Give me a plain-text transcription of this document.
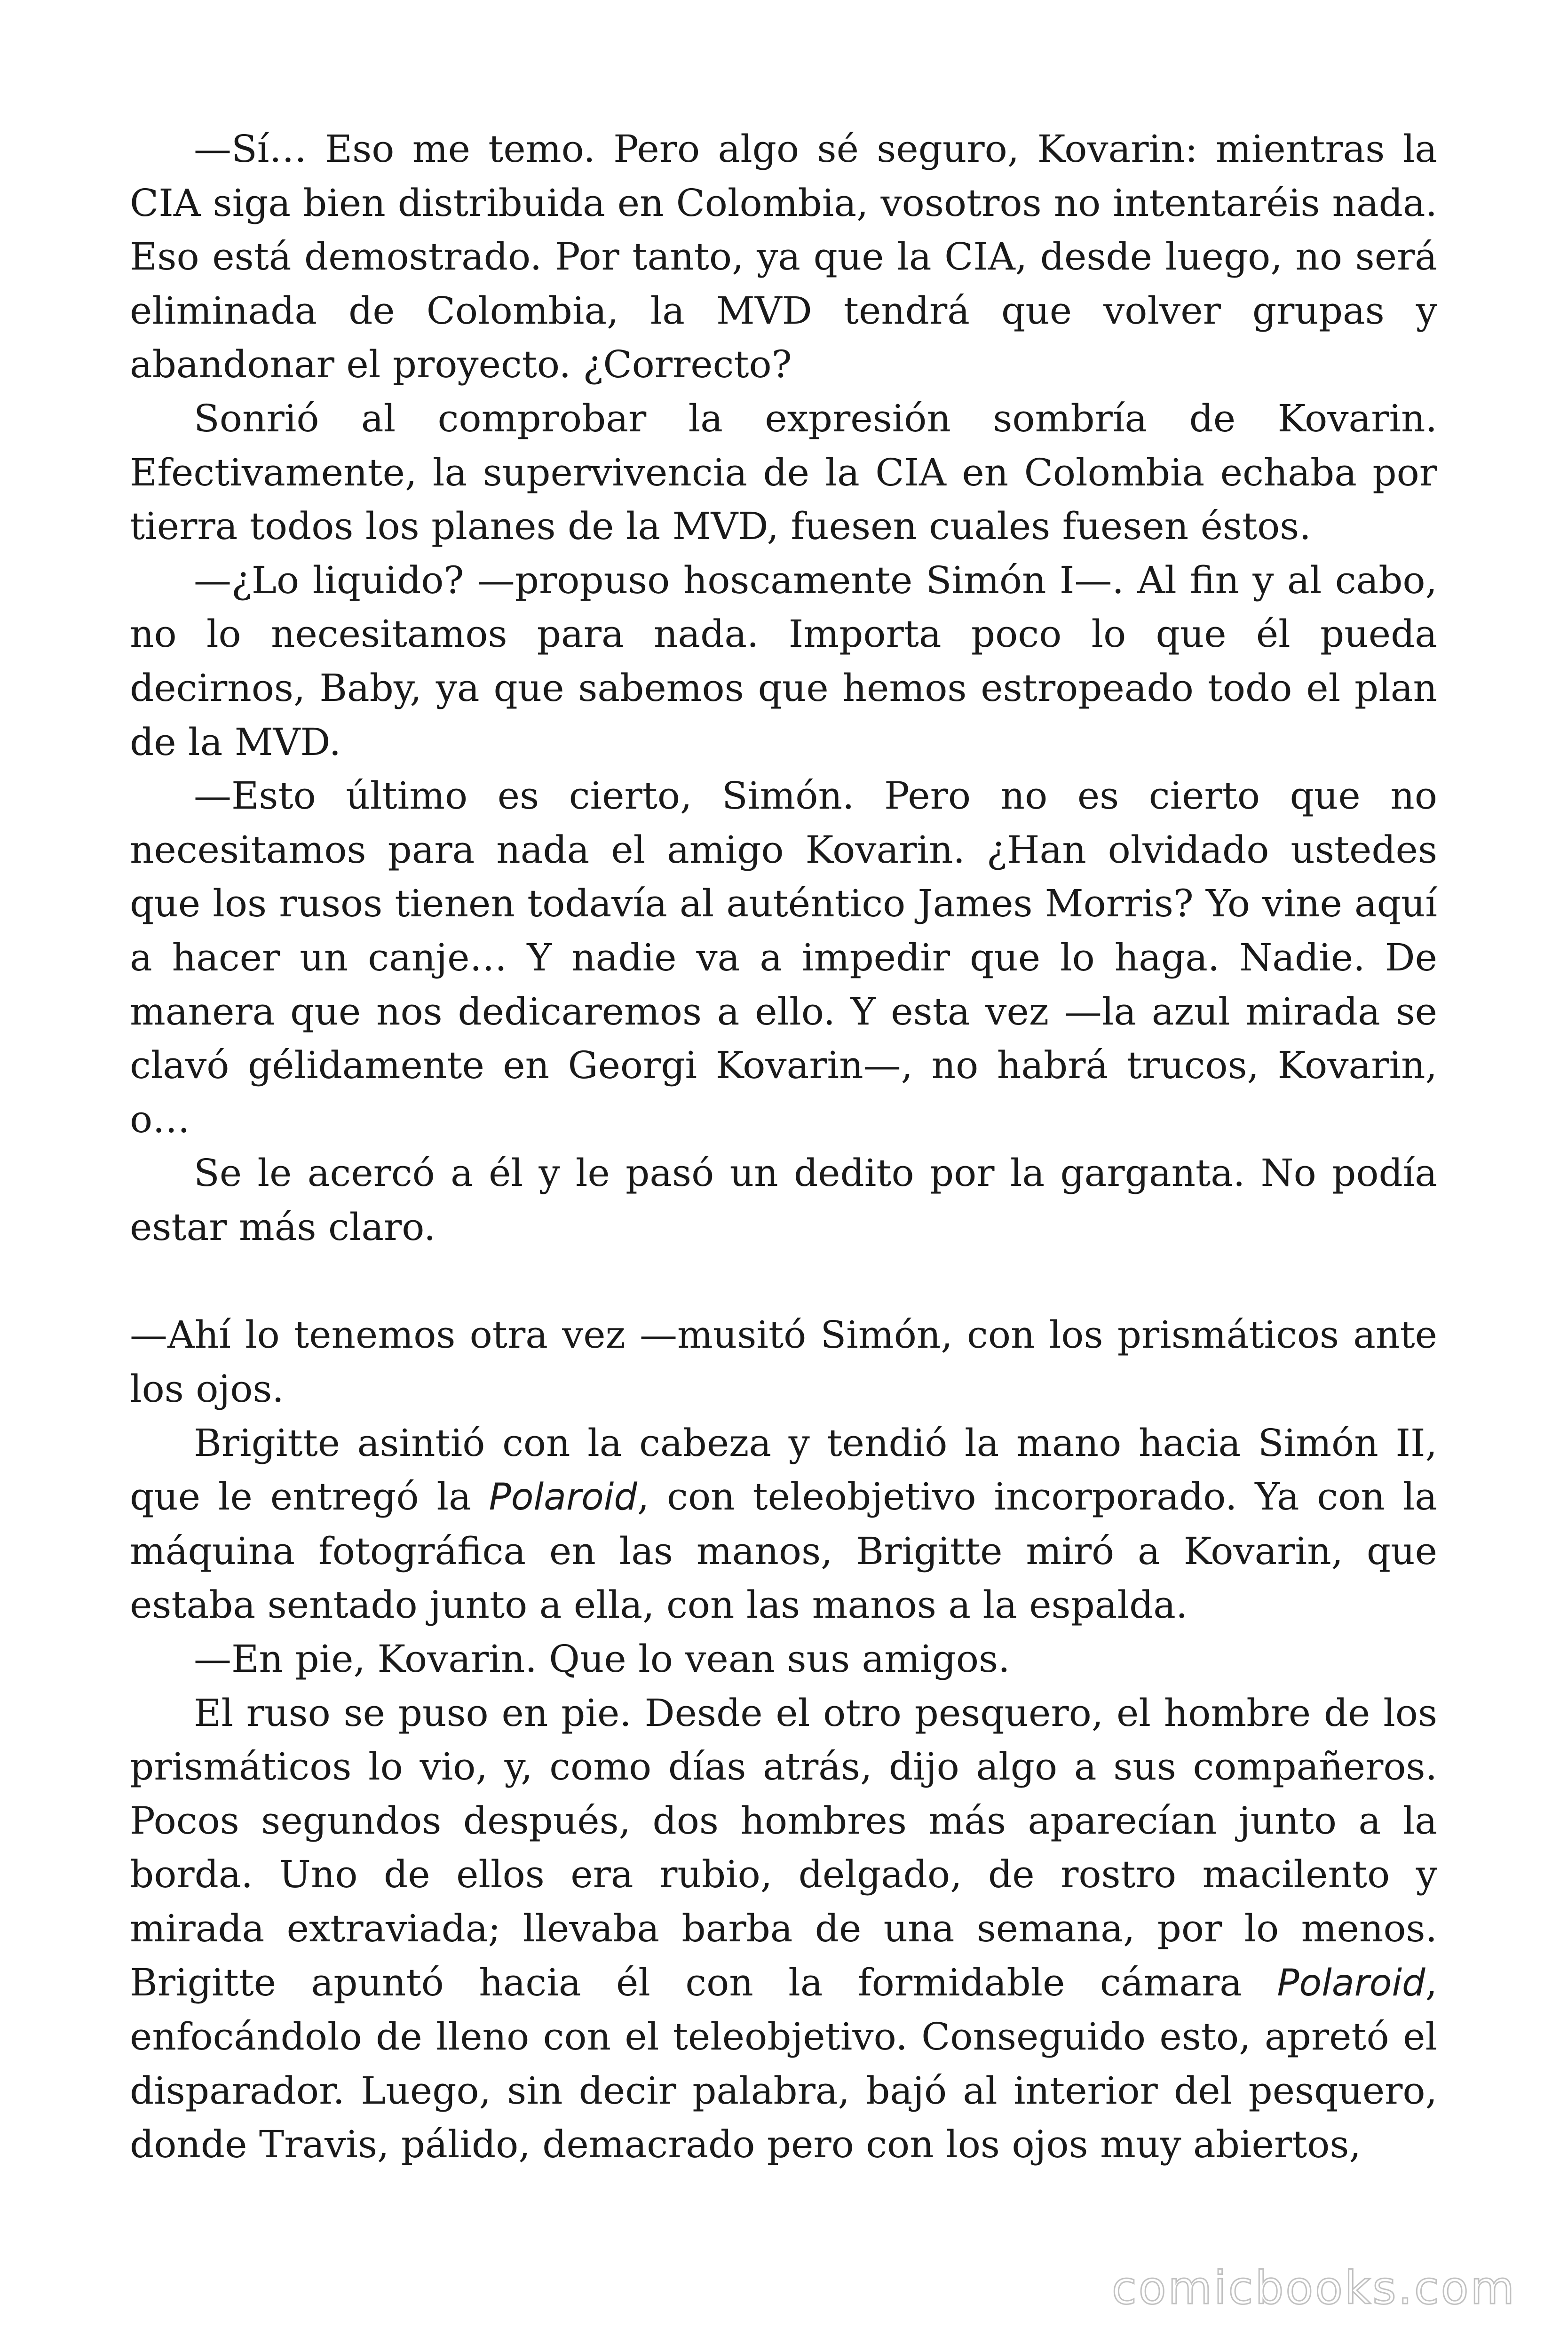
—Sí… Eso me temo. Pero algo sé seguro, Kovarin: mientras la CIA siga bien distribuida en Colombia, vosotros no intentaréis nada. Eso está demostrado. Por tanto, ya que la CIA, desde luego, no será eliminada de Colombia, la MVD tendrá que volver grupas y abandonar el proyecto. ¿Correcto?

Sonrió al comprobar la expresión sombría de Kovarin. Efectivamente, la supervivencia de la CIA en Colombia echaba por tierra todos los planes de la MVD, fuesen cuales fuesen éstos.

—¿Lo liquido? —propuso hoscamente Simón I—. Al fin y al cabo, no lo necesitamos para nada. Importa poco lo que él pueda decirnos, Baby, ya que sabemos que hemos estropeado todo el plan de la MVD.

—Esto último es cierto, Simón. Pero no es cierto que no necesitamos para nada el amigo Kovarin. ¿Han olvidado ustedes que los rusos tienen todavía al auténtico James Morris? Yo vine aquí a hacer un canje… Y nadie va a impedir que lo haga. Nadie. De manera que nos dedicaremos a ello. Y esta vez —la azul mirada se clavó gélidamente en Georgi Kovarin—, no habrá trucos, Kovarin, o…

Se le acercó a él y le pasó un dedito por la garganta. No podía estar más claro.

—Ahí lo tenemos otra vez —musitó Simón, con los prismáticos ante los ojos.

Brigitte asintió con la cabeza y tendió la mano hacia Simón II, que le entregó la Polaroid, con teleobjetivo incorporado. Ya con la máquina fotográfica en las manos, Brigitte miró a Kovarin, que estaba sentado junto a ella, con las manos a la espalda.

—En pie, Kovarin. Que lo vean sus amigos.

El ruso se puso en pie. Desde el otro pesquero, el hombre de los prismáticos lo vio, y, como días atrás, dijo algo a sus compañeros. Pocos segundos después, dos hombres más aparecían junto a la borda. Uno de ellos era rubio, delgado, de rostro macilento y mirada extraviada; llevaba barba de una semana, por lo menos. Brigitte apuntó hacia él con la formidable cámara Polaroid, enfocándolo de lleno con el teleobjetivo. Conseguido esto, apretó el disparador. Luego, sin decir palabra, bajó al interior del pesquero, donde Travis, pálido, demacrado pero con los ojos muy abiertos,

comicbooks.com
